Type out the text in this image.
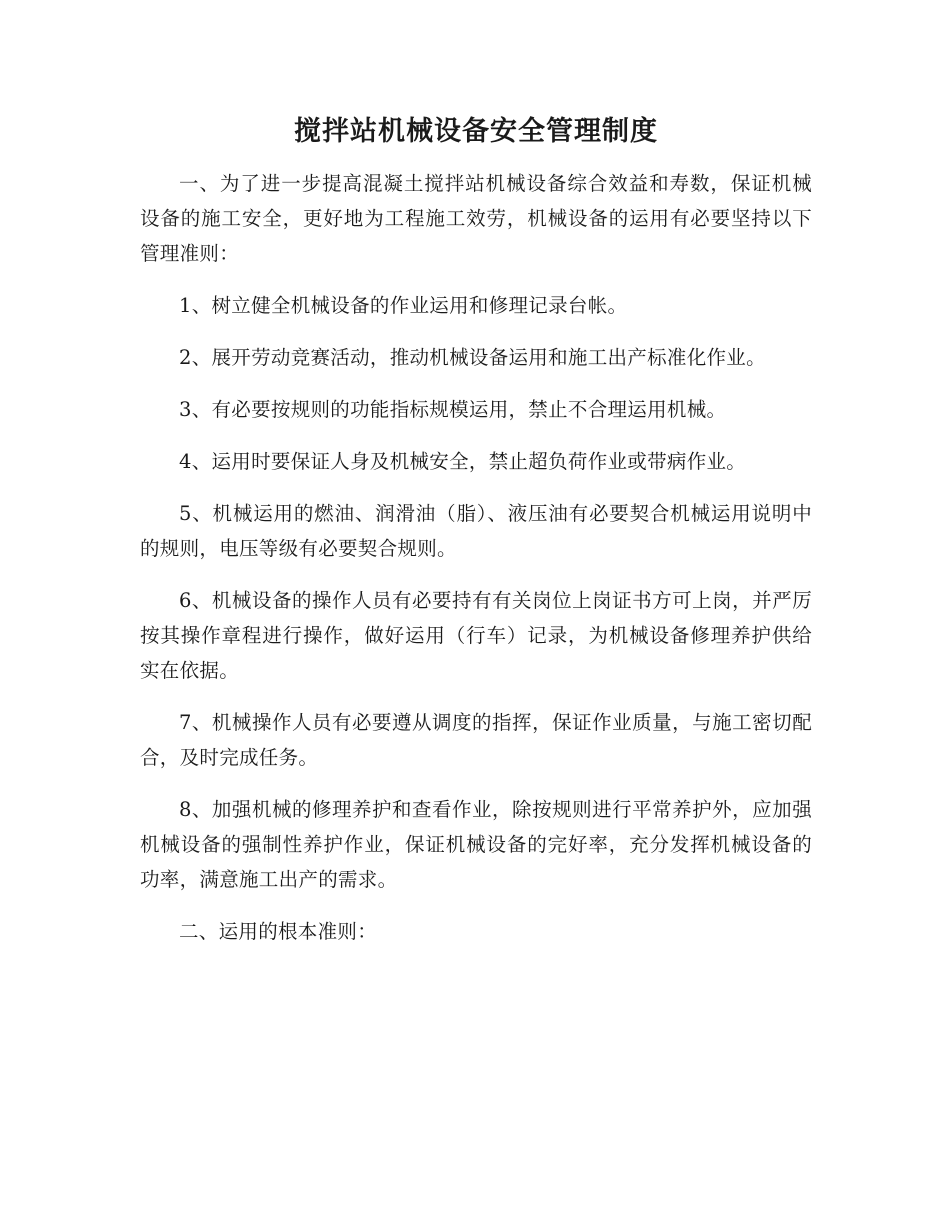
搅拌站机械设备安全管理制度

一、为了进一步提高混凝土搅拌站机械设备综合效益和寿数，保证机械设备的施工安全，更好地为工程施工效劳，机械设备的运用有必要坚持以下管理准则：

1、树立健全机械设备的作业运用和修理记录台帐。

2、展开劳动竞赛活动，推动机械设备运用和施工出产标准化作业。

3、有必要按规则的功能指标规模运用，禁止不合理运用机械。

4、运用时要保证人身及机械安全，禁止超负荷作业或带病作业。

5、机械运用的燃油、润滑油（脂）、液压油有必要契合机械运用说明中的规则，电压等级有必要契合规则。

6、机械设备的操作人员有必要持有有关岗位上岗证书方可上岗，并严厉按其操作章程进行操作，做好运用（行车）记录，为机械设备修理养护供给实在依据。

7、机械操作人员有必要遵从调度的指挥，保证作业质量，与施工密切配合，及时完成任务。

8、加强机械的修理养护和查看作业，除按规则进行平常养护外，应加强机械设备的强制性养护作业，保证机械设备的完好率，充分发挥机械设备的功率，满意施工出产的需求。

二、运用的根本准则：
